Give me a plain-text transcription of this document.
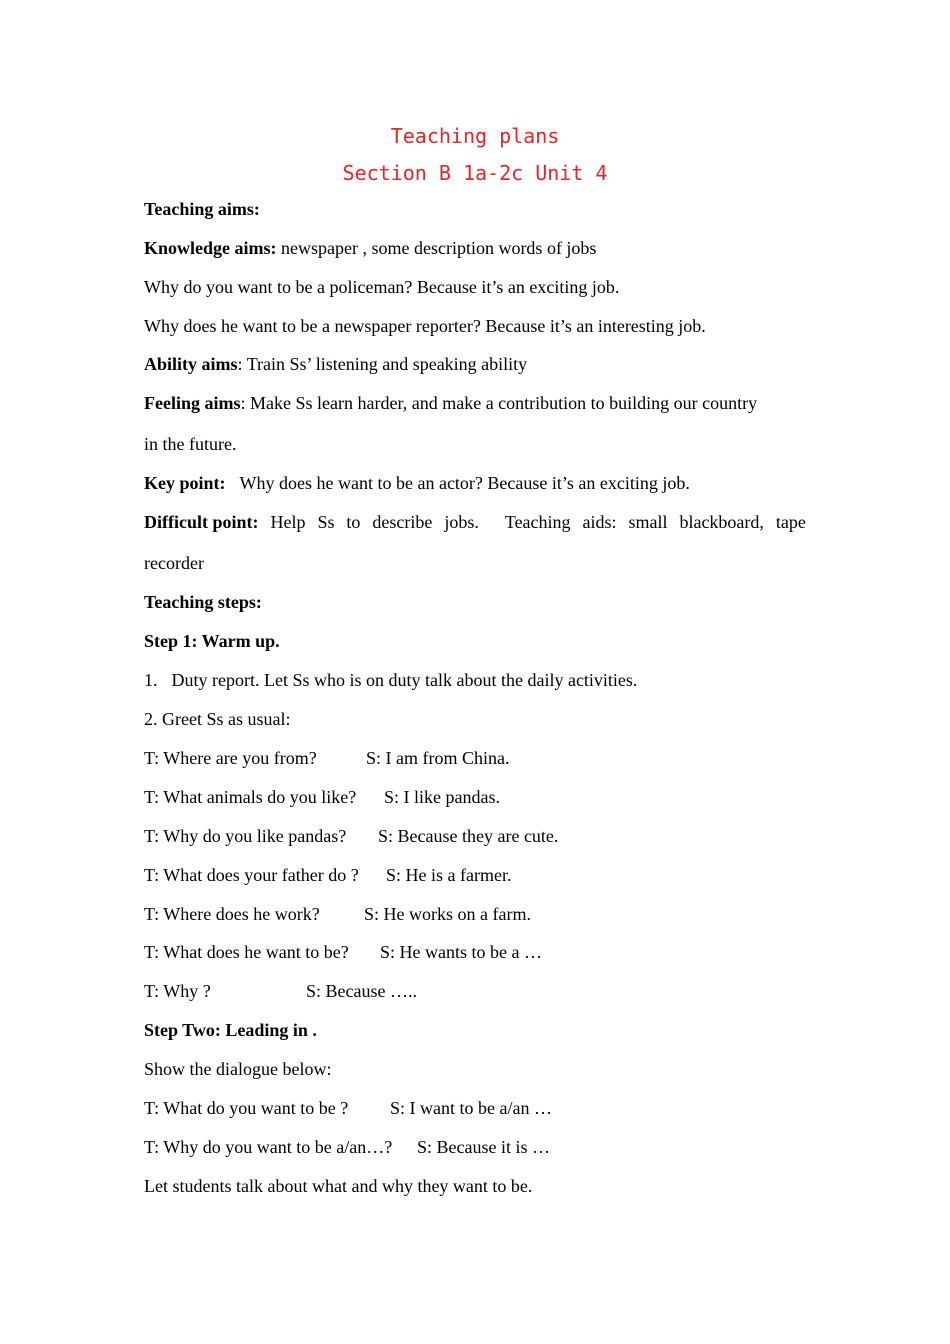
Teaching plans
Section B 1a-2c Unit 4
Teaching aims:
Knowledge aims: newspaper , some description words of jobs
Why do you want to be a policeman? Because it’s an exciting job.
Why does he want to be a newspaper reporter? Because it’s an interesting job.
Ability aims: Train Ss’ listening and speaking ability
Feeling aims: Make Ss learn harder, and make a contribution to building our country
in the future.
Key point: Why does he want to be an actor? Because it’s an exciting job.
Difficult point: Help Ss to describe jobs. Teaching aids: small blackboard, tape
recorder
Teaching steps:
Step 1: Warm up.
1. Duty report. Let Ss who is on duty talk about the daily activities.
2. Greet Ss as usual:
T: Where are you from?	S: I am from China.
T: What animals do you like? S: I like pandas.
T: Why do you like pandas? S: Because they are cute.
T: What does your father do ? S: He is a farmer.
T: Where does he work? S: He works on a farm.
T: What does he want to be? S: He wants to be a …
T: Why ?	S: Because …..
Step Two: Leading in .
Show the dialogue below:
T: What do you want to be ? S: I want to be a/an …
T: Why do you want to be a/an…? S: Because it is …
Let students talk about what and why they want to be.
